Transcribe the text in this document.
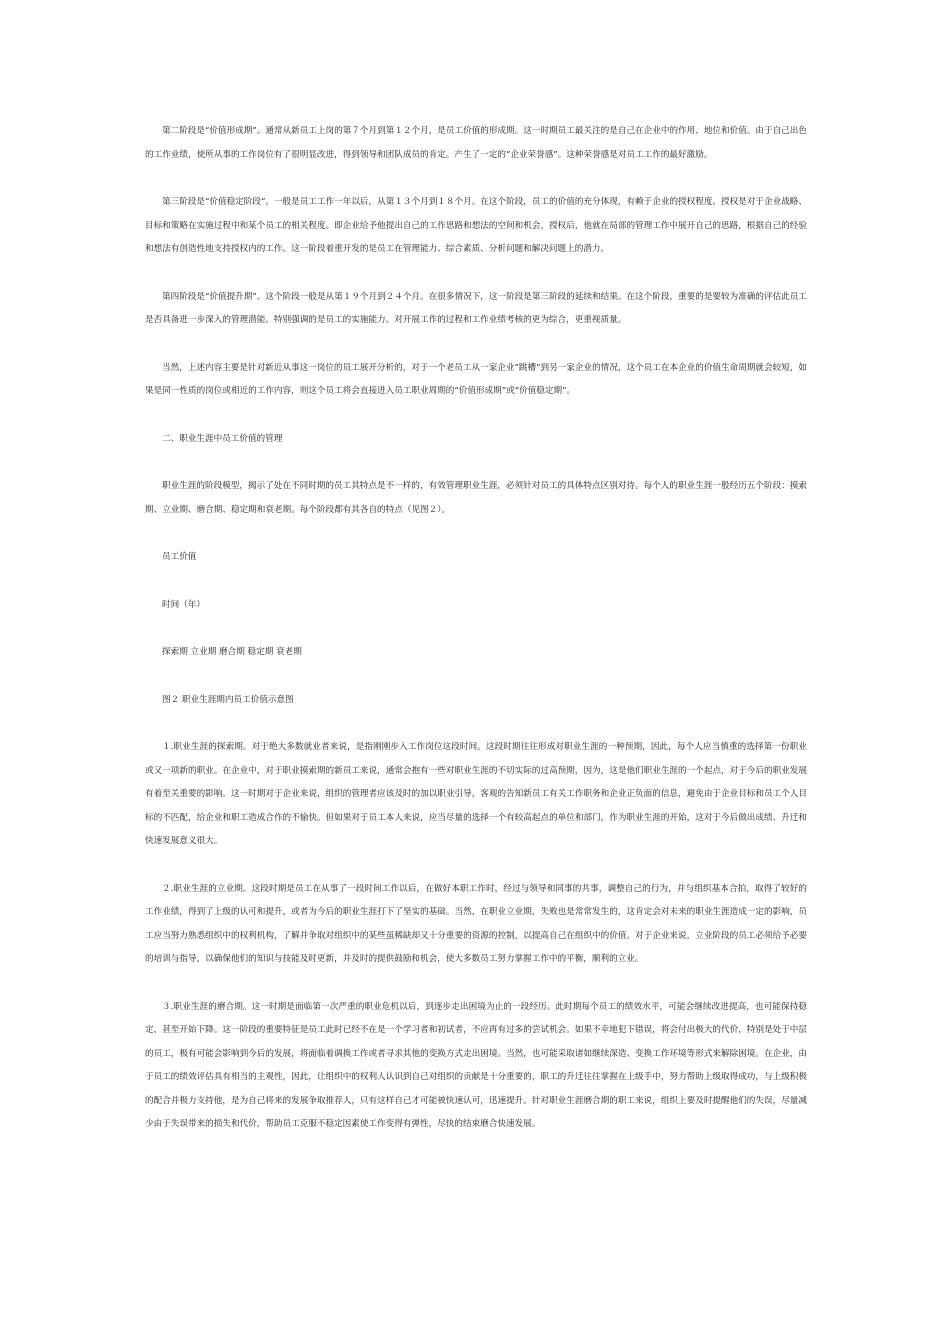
第二阶段是“价值形成期”。通常从新员工上岗的第７个月到第１２个月，是员工价值的形成期。这一时期员工最关注的是自己在企业中的作用、地位和价值。由于自己出色的工作业绩，使所从事的工作岗位有了很明显改进，得到领导和团队成员的肯定。产生了一定的“企业荣誉感”。这种荣誉感是对员工工作的最好激励。

第三阶段是“价值稳定阶段”。一般是员工工作一年以后，从第１３个月到１８个月。在这个阶段，员工的价值的充分体现，有赖于企业的授权程度。授权是对于企业战略、目标和策略在实施过程中和某个员工的相关程度。即企业给予他提出自己的工作思路和想法的空间和机会，授权后，他就在局部的管理工作中展开自己的思路，根据自己的经验和想法有创造性地支持授权内的工作。这一阶段着重开发的是员工在管理能力、综合素质、分析问题和解决问题上的潜力。

第四阶段是“价值提升期”。这个阶段一般是从第１９个月到２４个月。在很多情况下，这一阶段是第三阶段的延续和结果。在这个阶段，重要的是要较为准确的评估此员工是否具备进一步深入的管理潜能。特别强调的是员工的实施能力。对开展工作的过程和工作业绩考核的更为综合，更重视质量。

当然，上述内容主要是针对新近从事这一岗位的员工展开分析的，对于一个老员工从一家企业“跳槽”到另一家企业的情况，这个员工在本企业的价值生命周期就会较短，如果是同一性质的岗位或相近的工作内容，则这个员工将会直接进入员工职业周期的“价值形成期”或“价值稳定期”。

二、职业生涯中员工价值的管理

职业生涯的阶段模型，揭示了处在不同时期的员工其特点是不一样的，有效管理职业生涯，必须针对员工的具体特点区别对待。每个人的职业生涯一般经历五个阶段：摸索期、立业期、磨合期、稳定期和衰老期。每个阶段都有其各自的特点（见图２）。

员工价值

时间（年）

探索期 立业期 磨合期 稳定期 衰老期

图２ 职业生涯期内员工价值示意图

１.职业生涯的探索期。对于绝大多数就业者来说，是指刚刚步入工作岗位这段时间。这段时期往往形成对职业生涯的一种预期，因此，每个人应当慎重的选择第一份职业或又一项新的职业。在企业中，对于职业摸索期的新员工来说，通常会抱有一些对职业生涯的不切实际的过高预期，因为，这是他们职业生涯的一个起点，对于今后的职业发展有着至关重要的影响。这一时期对于企业来说，组织的管理者应该及时的加以职业引导，客观的告知新员工有关工作职务和企业正负面的信息，避免由于企业目标和员工个人目标的不匹配，给企业和职工造成合作的不愉快。但如果对于员工本人来说，应当尽量的选择一个有较高起点的单位和部门，作为职业生涯的开始，这对于今后做出成绩、升迁和快速发展意义很大。

２.职业生涯的立业期。这段时期是员工在从事了一段时间工作以后，在做好本职工作时，经过与领导和同事的共事，调整自己的行为，并与组织基本合拍，取得了较好的工作业绩，得到了上级的认可和提升，或者为今后的职业生涯打下了坚实的基础。当然，在职业立业期，失败也是常常发生的，这肯定会对未来的职业生涯造成一定的影响，员工应当努力熟悉组织中的权利机构，了解并争取对组织中的某些虽稀缺却又十分重要的资源的控制，以提高自己在组织中的价值。对于企业来说，立业阶段的员工必须给予必要的培训与指导，以确保他们的知识与技能及时更新，并及时的提供鼓励和机会，使大多数员工努力掌握工作中的平衡，顺利的立业。

３.职业生涯的磨合期。这一时期是面临第一次严重的职业危机以后，到逐步走出困境为止的一段经历。此时期每个员工的绩效水平，可能会继续改进提高，也可能保持稳定，甚至开始下降。这一阶段的重要特征是员工此时已经不在是一个学习者和初试者，不应再有过多的尝试机会。如果不幸地犯下错误，将会付出极大的代价，特别是处于中层的员工，极有可能会影响到今后的发展，将面临着调换工作或者寻求其他的变换方式走出困境。当然，也可能采取诸如继续深造、变换工作环境等形式来解除困境。在企业，由于员工的绩效评估具有相当的主观性，因此，让组织中的权利人认识到自己对组织的贡献是十分重要的，职工的升迁往往掌握在上级手中，努力帮助上级取得成功，与上级积极的配合并极力支持他，是为自己将来的发展争取推荐人，只有这样自己才可能被快速认可，迅速提升。针对职业生涯磨合期的职工来说，组织上要及时提醒他们的失误，尽量减少由于失误带来的损失和代价，帮助员工克服不稳定因素使工作变得有弹性，尽快的结束磨合快速发展。
